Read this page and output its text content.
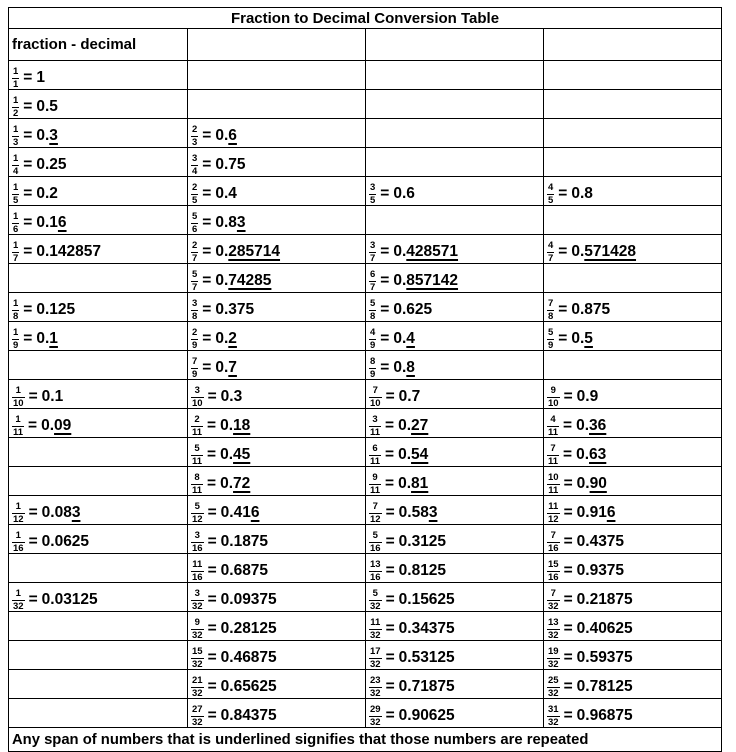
Fraction to Decimal Conversion Table			
fraction - decimal			

$\frac{1}{1} = 1$			

$\frac{1}{2} = 0.5$			

$\frac{1}{3} = 0$. 3	$\frac{2}{3} = 0$. 6		

$\frac{1}{4} = 0.25$	$\frac{3}{4} = 0.75$		

$\frac{1}{5} = 0.2$	$\frac{2}{5} = 0.4$	$\frac{3}{5} = 0.6$	$\frac{4}{5} = 0.8$

$\frac{1}{6} = 0.1$ 6	$\frac{5}{6} = 0.8$ 3		

$\frac{1}{7} = 0.142857$	$\frac{2}{7} = 0$. 285714	$\frac{3}{7} = 0$. 428571	$\frac{4}{7} = 0$. 571428

	$\frac{5}{7} = 0$. 74285	$\frac{6}{7} = 0$. 857142	

$\frac{1}{8} = 0.125$	$\frac{3}{8} = 0.375$	$\frac{5}{8} = 0.625$	$\frac{7}{8} = 0.875$

$\frac{1}{9} = 0$. 1	$\frac{2}{9} = 0$. 2	$\frac{4}{9} = 0$. 4	$\frac{5}{9} = 0$. 5

	$\frac{7}{9} = 0$. 7	$\frac{8}{9} = 0$. 8	

$\frac{1}{10} = 0.1$	$\frac{3}{10} = 0.3$	$\frac{7}{10} = 0.7$	$\frac{9}{10} = 0.9$

$\frac{1}{11} = 0$. 09	$\frac{2}{11} = 0$. 18	$\frac{3}{11} = 0$. 27	$\frac{4}{11} = 0$. 36

	$\frac{5}{11} = 0$. 45	$\frac{6}{11} = 0$. 54	$\frac{7}{11} = 0$. 63

	$\frac{8}{11} = 0$. 72	$\frac{9}{11} = 0$. 81	$\frac{10}{11} = 0$. 90

$\frac{1}{12} = 0.08$ 3	$\frac{5}{12} = 0.41$ 6	$\frac{7}{12} = 0.58$ 3	$\frac{11}{12} = 0.91$ 6

$\frac{1}{16} = 0.0625$	$\frac{3}{16} = 0.1875$	$\frac{5}{16} = 0.3125$	$\frac{7}{16} = 0.4375$

	$\frac{11}{16} = 0.6875$	$\frac{13}{16} = 0.8125$	$\frac{15}{16} = 0.9375$

$\frac{1}{32} = 0.03125$	$\frac{3}{32} = 0.09375$	$\frac{5}{32} = 0.15625$	$\frac{7}{32} = 0.21875$

	$\frac{9}{32} = 0.28125$	$\frac{11}{32} = 0.34375$	$\frac{13}{32} = 0.40625$

	$\frac{15}{32} = 0.46875$	$\frac{17}{32} = 0.53125$	$\frac{19}{32} = 0.59375$

	$\frac{21}{32} = 0.65625$	$\frac{23}{32} = 0.71875$	$\frac{25}{32} = 0.78125$

	$\frac{27}{32} = 0.84375$	$\frac{29}{32} = 0.90625$	$\frac{31}{32} = 0.96875$

Any span of numbers that is underlined signifies that those numbers are repeated			
